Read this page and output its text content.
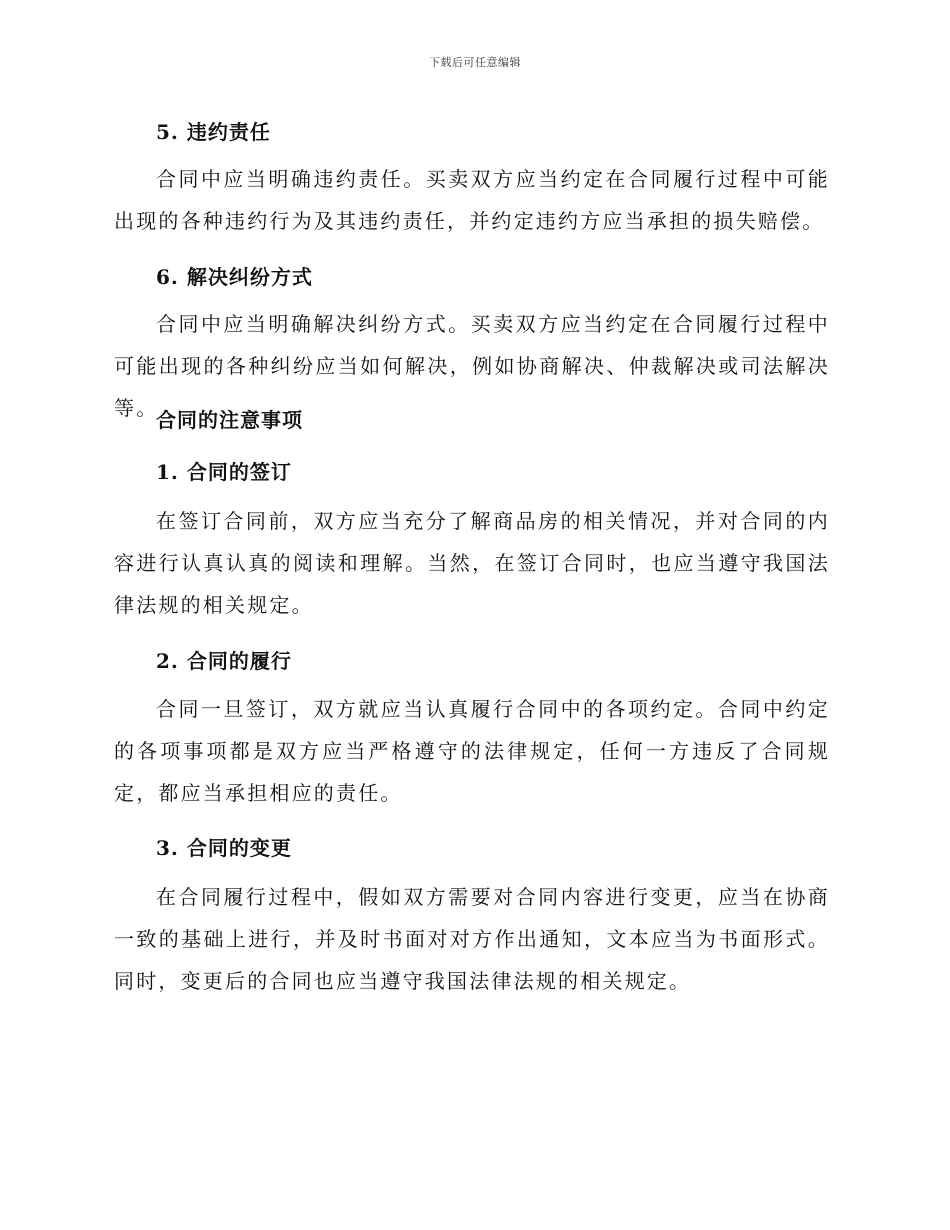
下载后可任意编辑
5. 违约责任
合同中应当明确违约责任。买卖双方应当约定在合同履行过程中可能出现的各种违约行为及其违约责任，并约定违约方应当承担的损失赔偿。
6. 解决纠纷方式
合同中应当明确解决纠纷方式。买卖双方应当约定在合同履行过程中可能出现的各种纠纷应当如何解决，例如协商解决、仲裁解决或司法解决等。
合同的注意事项
1. 合同的签订
在签订合同前，双方应当充分了解商品房的相关情况，并对合同的内容进行认真认真的阅读和理解。当然，在签订合同时，也应当遵守我国法律法规的相关规定。
2. 合同的履行
合同一旦签订，双方就应当认真履行合同中的各项约定。合同中约定的各项事项都是双方应当严格遵守的法律规定，任何一方违反了合同规定，都应当承担相应的责任。
3. 合同的变更
在合同履行过程中，假如双方需要对合同内容进行变更，应当在协商一致的基础上进行，并及时书面对对方作出通知，文本应当为书面形式。同时，变更后的合同也应当遵守我国法律法规的相关规定。
